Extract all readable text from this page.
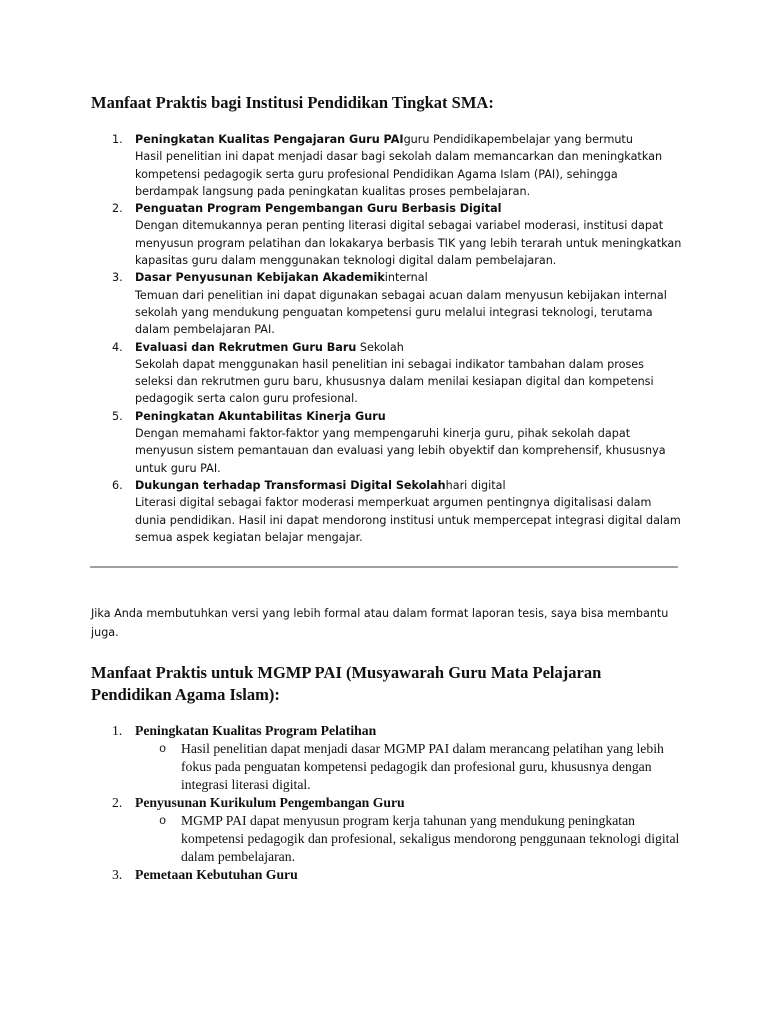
Manfaat Praktis bagi Institusi Pendidikan Tingkat SMA:
1. Peningkatan Kualitas Pengajaran Guru PAIguru Pendidikapembelajar yang bermutu
Hasil penelitian ini dapat menjadi dasar bagi sekolah dalam memancarkan dan meningkatkan kompetensi pedagogik serta guru profesional Pendidikan Agama Islam (PAI), sehingga berdampak langsung pada peningkatan kualitas proses pembelajaran.
2. Penguatan Program Pengembangan Guru Berbasis Digital
Dengan ditemukannya peran penting literasi digital sebagai variabel moderasi, institusi dapat menyusun program pelatihan dan lokakarya berbasis TIK yang lebih terarah untuk meningkatkan kapasitas guru dalam menggunakan teknologi digital dalam pembelajaran.
3. Dasar Penyusunan Kebijakan Akademikinternal
Temuan dari penelitian ini dapat digunakan sebagai acuan dalam menyusun kebijakan internal sekolah yang mendukung penguatan kompetensi guru melalui integrasi teknologi, terutama dalam pembelajaran PAI.
4. Evaluasi dan Rekrutmen Guru Baru Sekolah
Sekolah dapat menggunakan hasil penelitian ini sebagai indikator tambahan dalam proses seleksi dan rekrutmen guru baru, khususnya dalam menilai kesiapan digital dan kompetensi pedagogik serta calon guru profesional.
5. Peningkatan Akuntabilitas Kinerja Guru
Dengan memahami faktor-faktor yang mempengaruhi kinerja guru, pihak sekolah dapat menyusun sistem pemantauan dan evaluasi yang lebih obyektif dan komprehensif, khususnya untuk guru PAI.
6. Dukungan terhadap Transformasi Digital Sekolahhari digital
Literasi digital sebagai faktor moderasi memperkuat argumen pentingnya digitalisasi dalam dunia pendidikan. Hasil ini dapat mendorong institusi untuk mempercepat integrasi digital dalam semua aspek kegiatan belajar mengajar.

Jika Anda membutuhkan versi yang lebih formal atau dalam format laporan tesis, saya bisa membantu juga.

Manfaat Praktis untuk MGMP PAI (Musyawarah Guru Mata Pelajaran Pendidikan Agama Islam):
1. Peningkatan Kualitas Program Pelatihan
o Hasil penelitian dapat menjadi dasar MGMP PAI dalam merancang pelatihan yang lebih fokus pada penguatan kompetensi pedagogik dan profesional guru, khususnya dengan integrasi literasi digital.
2. Penyusunan Kurikulum Pengembangan Guru
o MGMP PAI dapat menyusun program kerja tahunan yang mendukung peningkatan kompetensi pedagogik dan profesional, sekaligus mendorong penggunaan teknologi digital dalam pembelajaran.
3. Pemetaan Kebutuhan Guru
